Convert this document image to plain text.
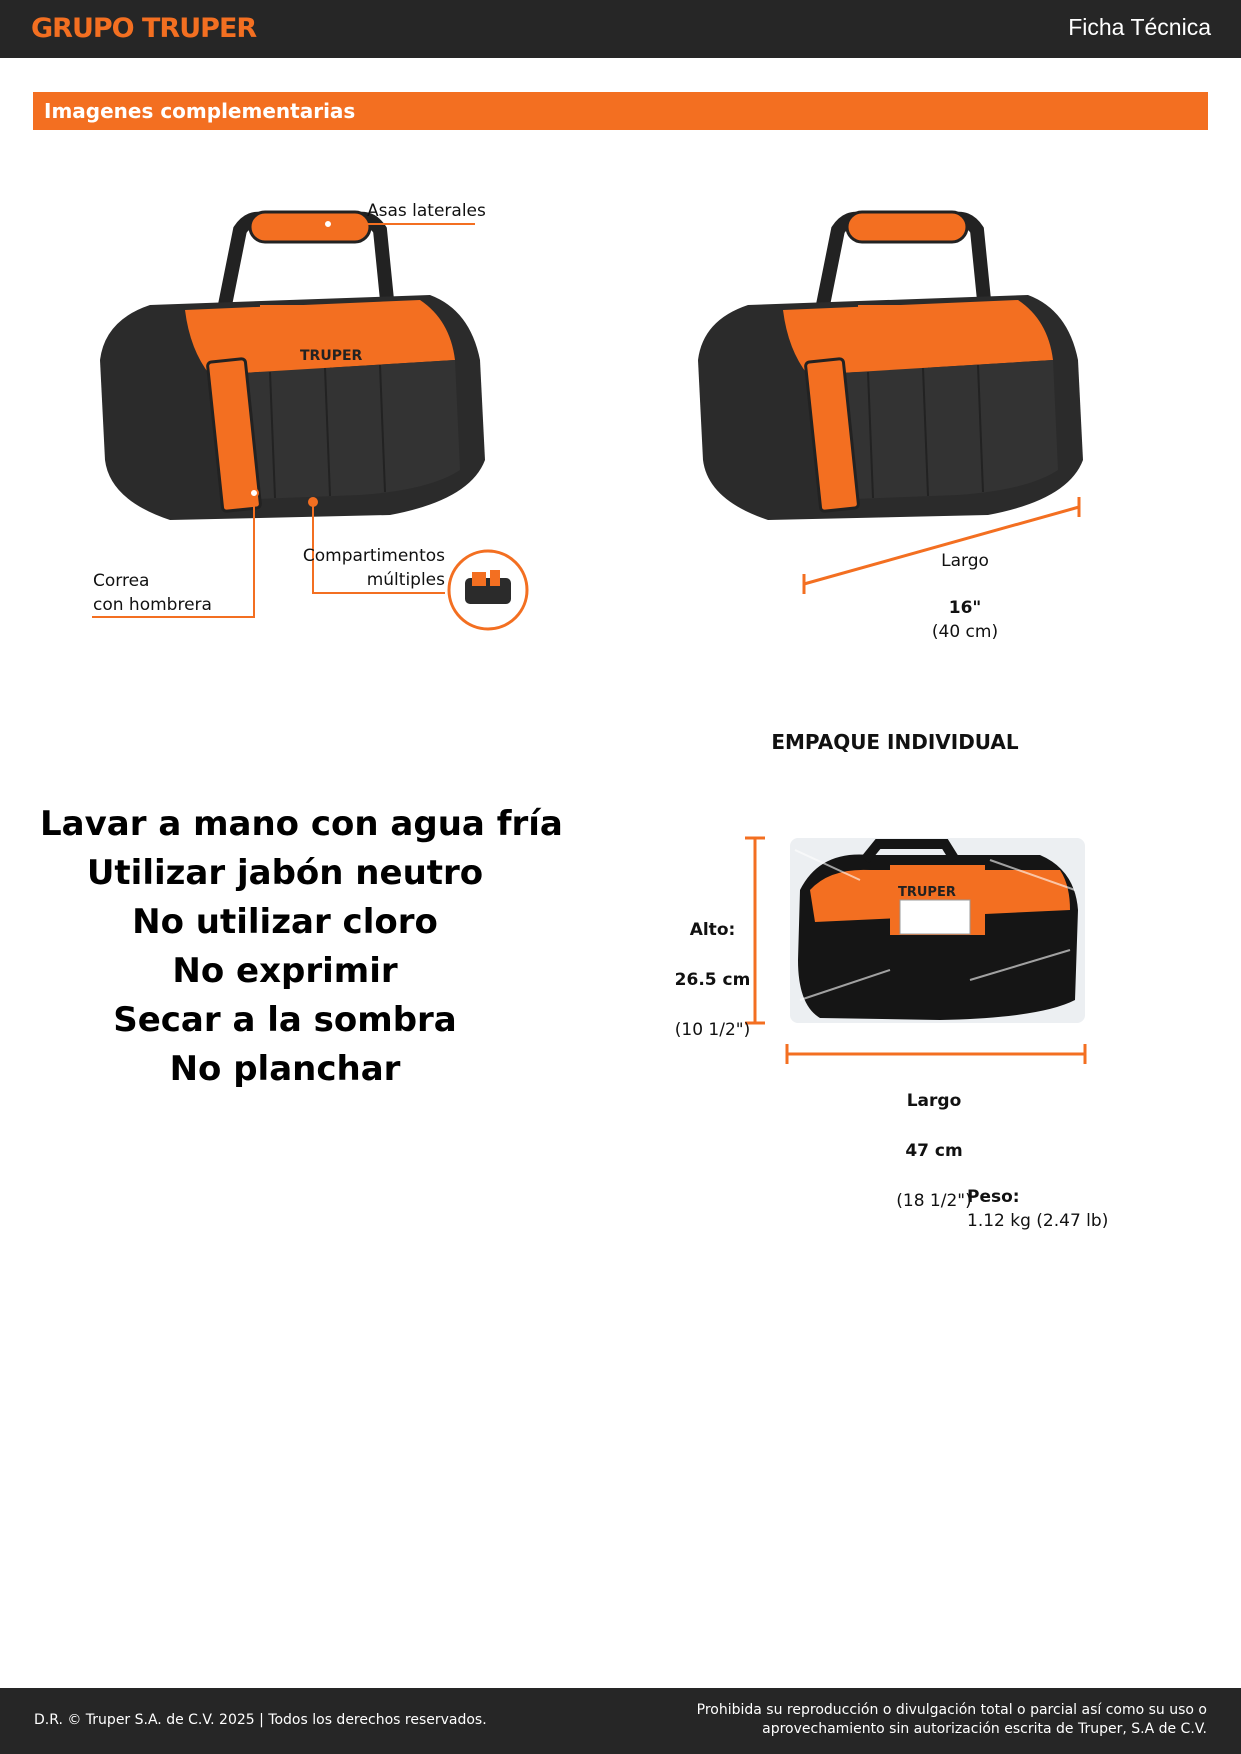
GRUPO TRUPER	Ficha Técnica
Imagenes complementarias
TRUPER
Asas laterales
Correa
con hombrera
Compartimentos
múltiples
Largo

16"
(40 cm)

Lavar a mano con agua fría
Utilizar jabón neutro
No utilizar cloro
No exprimir
Secar a la sombra
No planchar
EMPAQUE INDIVIDUAL
TRUPER

Alto:

26.5 cm

(10 1/2")

Largo

47 cm

(18 1/2")

Peso:
1.12 kg (2.47 lb)

D.R. © Truper S.A. de C.V. 2025 | Todos los derechos reservados.
Prohibida su reproducción o divulgación total o parcial así como su uso o
aprovechamiento sin autorización escrita de Truper, S.A de C.V.
